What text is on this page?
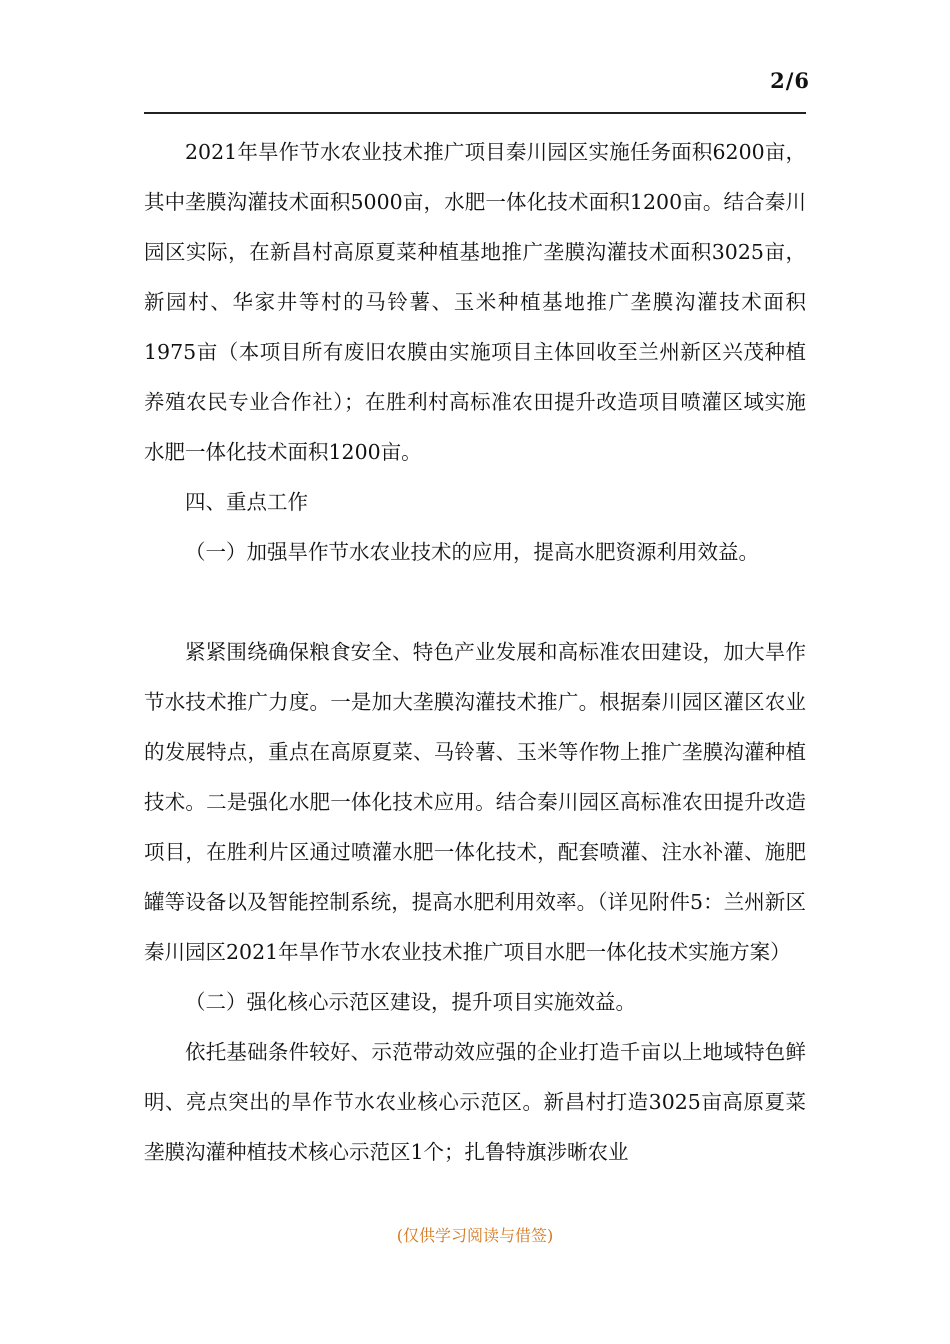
2/6

2021年旱作节水农业技术推广项目秦川园区实施任务面积6200亩，其中垄膜沟灌技术面积5000亩，水肥一体化技术面积1200亩。结合秦川园区实际，在新昌村高原夏菜种植基地推广垄膜沟灌技术面积3025亩，新园村、华家井等村的马铃薯、玉米种植基地推广垄膜沟灌技术面积1975亩（本项目所有废旧农膜由实施项目主体回收至兰州新区兴茂种植养殖农民专业合作社）；在胜利村高标准农田提升改造项目喷灌区域实施水肥一体化技术面积1200亩。

四、重点工作

（一）加强旱作节水农业技术的应用，提高水肥资源利用效益。

紧紧围绕确保粮食安全、特色产业发展和高标准农田建设，加大旱作节水技术推广力度。一是加大垄膜沟灌技术推广。根据秦川园区灌区农业的发展特点，重点在高原夏菜、马铃薯、玉米等作物上推广垄膜沟灌种植技术。二是强化水肥一体化技术应用。结合秦川园区高标准农田提升改造项目，在胜利片区通过喷灌水肥一体化技术，配套喷灌、注水补灌、施肥罐等设备以及智能控制系统，提高水肥利用效率。（详见附件5：兰州新区秦川园区2021年旱作节水农业技术推广项目水肥一体化技术实施方案）

（二）强化核心示范区建设，提升项目实施效益。

依托基础条件较好、示范带动效应强的企业打造千亩以上地域特色鲜明、亮点突出的旱作节水农业核心示范区。新昌村打造3025亩高原夏菜垄膜沟灌种植技术核心示范区1个；扎鲁特旗涉晰农业

(仅供学习阅读与借签)
